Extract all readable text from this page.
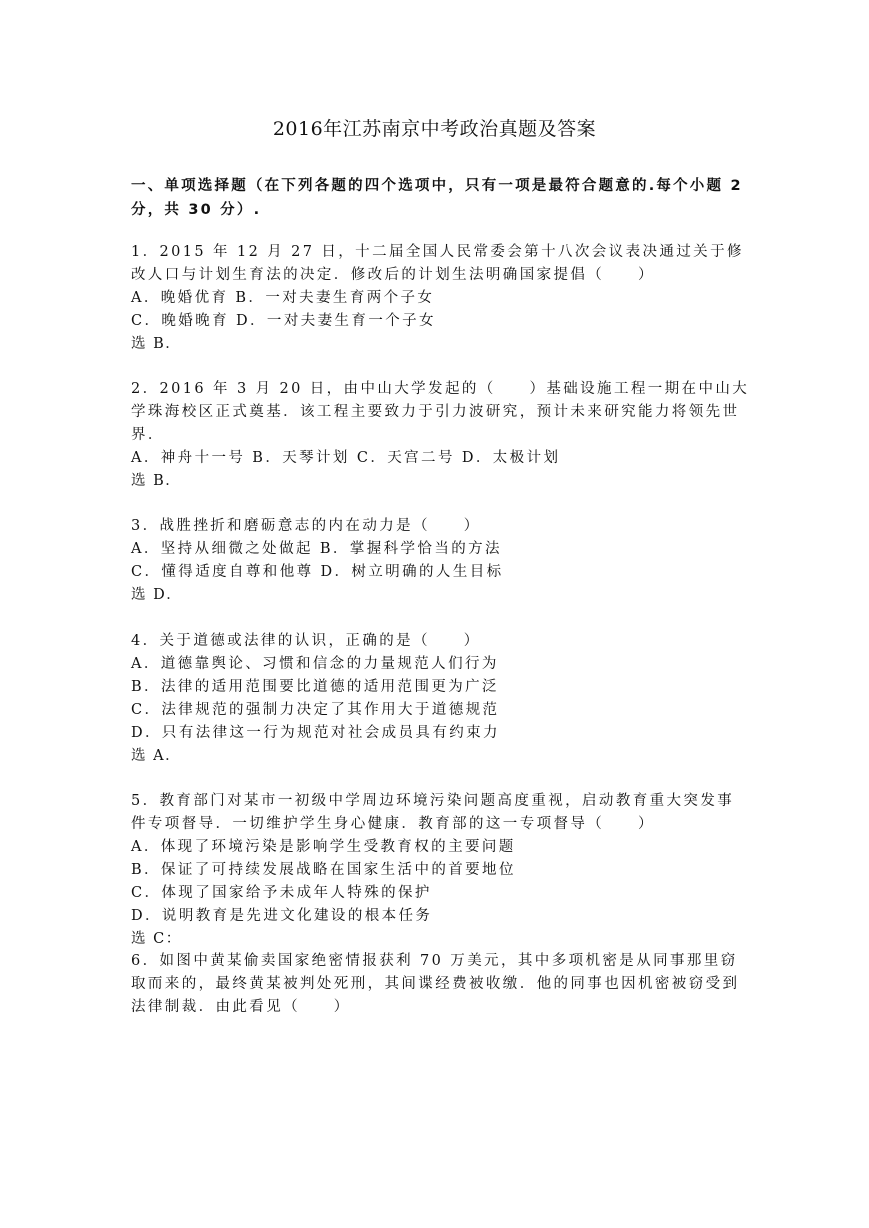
2016年江苏南京中考政治真题及答案
一、单项选择题（在下列各题的四个选项中，只有一项是最符合题意的.每个小题 2 分，共 30 分）.
1．2015 年 12 月 27 日，十二届全国人民常委会第十八次会议表决通过关于修改人口与计划生育法的决定．修改后的计划生法明确国家提倡（　　）
A．晚婚优育 B．一对夫妻生育两个子女
C．晚婚晚育 D．一对夫妻生育一个子女
选 B．
2．2016 年 3 月 20 日，由中山大学发起的（　　）基础设施工程一期在中山大学珠海校区正式奠基．该工程主要致力于引力波研究，预计未来研究能力将领先世界．
A．神舟十一号 B．天琴计划 C．天宫二号 D．太极计划
选 B．
3．战胜挫折和磨砺意志的内在动力是（　　）
A．坚持从细微之处做起 B．掌握科学恰当的方法
C．懂得适度自尊和他尊 D．树立明确的人生目标
选 D．
4．关于道德或法律的认识，正确的是（　　）
A．道德靠舆论、习惯和信念的力量规范人们行为
B．法律的适用范围要比道德的适用范围更为广泛
C．法律规范的强制力决定了其作用大于道德规范
D．只有法律这一行为规范对社会成员具有约束力
选 A．
5．教育部门对某市一初级中学周边环境污染问题高度重视，启动教育重大突发事件专项督导．一切维护学生身心健康．教育部的这一专项督导（　　）
A．体现了环境污染是影响学生受教育权的主要问题
B．保证了可持续发展战略在国家生活中的首要地位
C．体现了国家给予未成年人特殊的保护
D．说明教育是先进文化建设的根本任务
选 C：
6．如图中黄某偷卖国家绝密情报获利 70 万美元，其中多项机密是从同事那里窃取而来的，最终黄某被判处死刑，其间谍经费被收缴．他的同事也因机密被窃受到法律制裁．由此看见（　　）
